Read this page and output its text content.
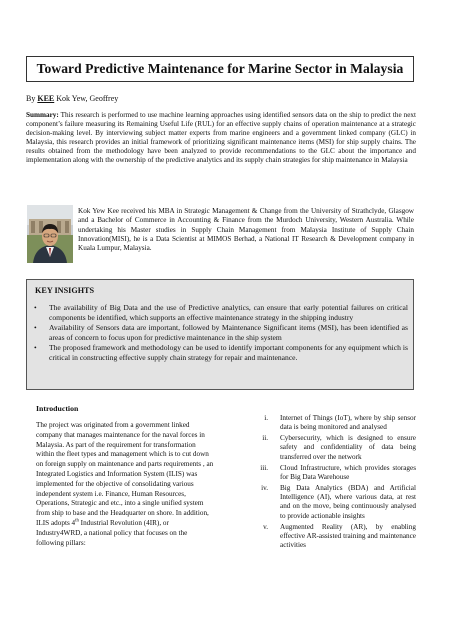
Toward Predictive Maintenance for Marine Sector in Malaysia
By KEE Kok Yew, Geoffrey
Summary: This research is performed to use machine learning approaches using identified sensors data on the ship to predict the next component’s failure measuring its Remaining Useful Life (RUL) for an effective supply chains of operation maintenance at a strategic decision-making level. By interviewing subject matter experts from marine engineers and a government linked company (GLC) in Malaysia, this research provides an initial framework of prioritizing significant maintenance items (MSI) for ship supply chains. The results obtained from the methodology have been analyzed to provide recommendations to the GLC about the importance and implementation along with the ownership of the predictive analytics and its supply chain strategies for ship maintenance in Malaysia
Kok Yew Kee received his MBA in Strategic Management & Change from the University of Strathclyde, Glasgow and a Bachelor of Commerce in Accounting & Finance from the Murdoch University, Western Australia. While undertaking his Master studies in Supply Chain Management from Malaysia Institute of Supply Chain Innovation(MISI), he is a Data Scientist at MIMOS Berhad, a National IT Research & Development company in Kuala Lumpur, Malaysia.
KEY INSIGHTS
• The availability of Big Data and the use of Predictive analytics, can ensure that early potential failures on critical components be identified, which supports an effective maintenance strategy in the shipping industry
• Availability of Sensors data are important, followed by Maintenance Significant items (MSI), has been identified as areas of concern to focus upon for predictive maintenance in the ship system
• The proposed framework and methodology can be used to identify important components for any equipment which is critical in constructing effective supply chain strategy for repair and maintenance.
Introduction
The project was originated from a government linked company that manages maintenance for the naval forces in Malaysia. As part of the requirement for transformation within the fleet types and management which is to cut down on foreign supply on maintenance and parts requirements , an Integrated Logistics and Information System (ILIS) was implemented for the objective of consolidating various independent system i.e. Finance, Human Resources, Operations, Strategic and etc., into a single unified system from ship to base and the Headquarter on shore. In addition, ILIS adopts 4th Industrial Revolution (4IR), or Industry4WRD, a national policy that focuses on the following pillars:
i. Internet of Things (IoT), where by ship sensor data is being monitored and analysed
ii. Cybersecurity, which is designed to ensure safety and confidentiality of data being transferred over the network
iii. Cloud Infrastructure, which provides storages for Big Data Warehouse
iv. Big Data Analytics (BDA) and Artificial Intelligence (AI), where various data, at rest and on the move, being continuously analysed to provide actionable insights
v. Augmented Reality (AR), by enabling effective AR-assisted training and maintenance activities
